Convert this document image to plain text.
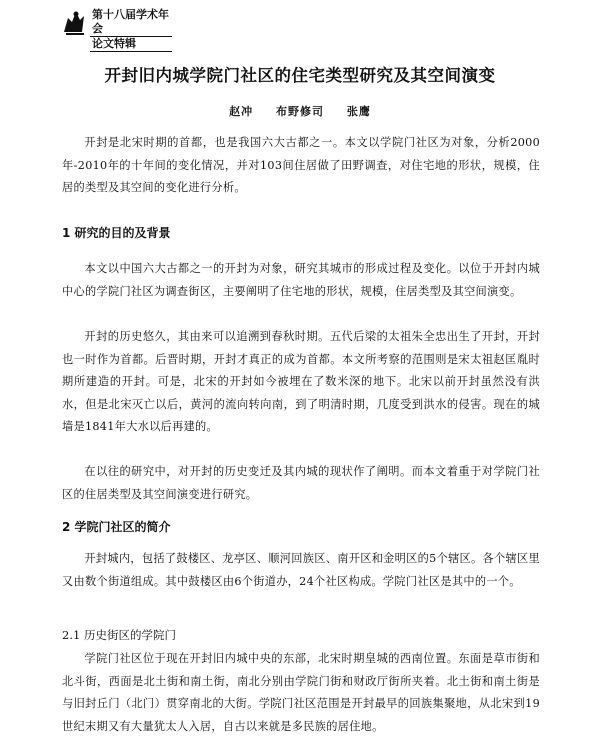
第十八届学术年会
论文特辑
开封旧内城学院门社区的住宅类型研究及其空间演变
赵冲 布野修司 张鹰
开封是北宋时期的首都，也是我国六大古都之一。本文以学院门社区为对象，分析2000年-2010年的十年间的变化情况，并对103间住居做了田野调查，对住宅地的形状，规模，住居的类型及其空间的变化进行分析。
1 研究的目的及背景
本文以中国六大古都之一的开封为对象，研究其城市的形成过程及变化。以位于开封内城中心的学院门社区为调查街区，主要阐明了住宅地的形状，规模，住居类型及其空间演变。
开封的历史悠久，其由来可以追溯到春秋时期。五代后梁的太祖朱全忠出生了开封，开封也一时作为首都。后晋时期，开封才真正的成为首都。本文所考察的范围则是宋太祖赵匡胤时期所建造的开封。可是，北宋的开封如今被埋在了数米深的地下。北宋以前开封虽然没有洪水，但是北宋灭亡以后，黄河的流向转向南，到了明清时期，几度受到洪水的侵害。现在的城墙是1841年大水以后再建的。
在以往的研究中，对开封的历史变迁及其内城的现状作了阐明。而本文着重于对学院门社区的住居类型及其空间演变进行研究。
2 学院门社区的简介
开封城内，包括了鼓楼区、龙亭区、顺河回族区、南开区和金明区的5个辖区。各个辖区里又由数个街道组成。其中鼓楼区由6个街道办，24个社区构成。学院门社区是其中的一个。
2.1 历史街区的学院门
学院门社区位于现在开封旧内城中央的东部，北宋时期皇城的西南位置。东面是草市街和北斗街，西面是北土街和南土街，南北分别由学院门街和财政厅街所夹着。北土街和南土街是与旧封丘门（北门）贯穿南北的大街。学院门社区范围是开封最早的回族集聚地，从北宋到19世纪末期又有大量犹太人入居，自古以来就是多民族的居住地。
